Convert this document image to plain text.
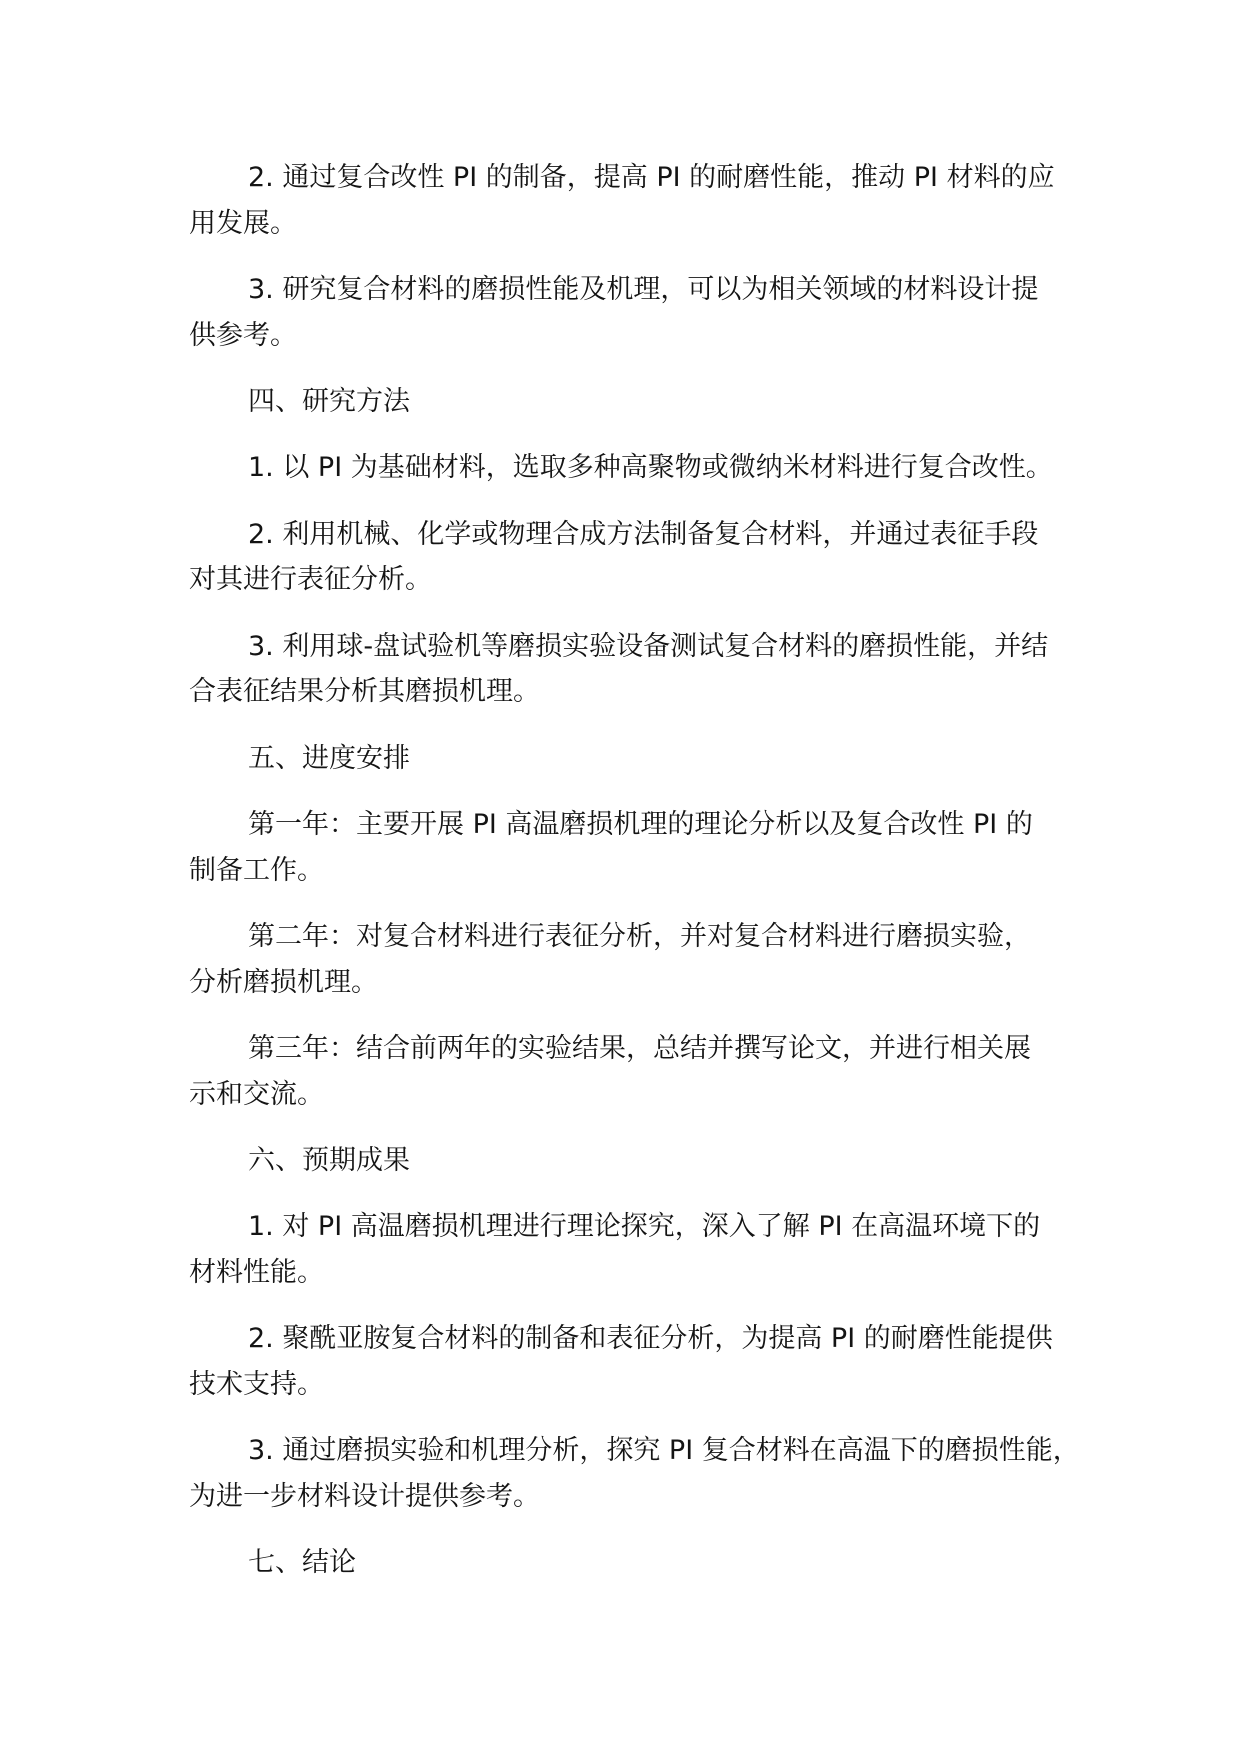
2. 通过复合改性 PI 的制备，提高 PI 的耐磨性能，推动 PI 材料的应
用发展。
3. 研究复合材料的磨损性能及机理，可以为相关领域的材料设计提
供参考。
四、研究方法
1. 以 PI 为基础材料，选取多种高聚物或微纳米材料进行复合改性。
2. 利用机械、化学或物理合成方法制备复合材料，并通过表征手段
对其进行表征分析。
3. 利用球-盘试验机等磨损实验设备测试复合材料的磨损性能，并结
合表征结果分析其磨损机理。
五、进度安排
第一年：主要开展 PI 高温磨损机理的理论分析以及复合改性 PI 的
制备工作。
第二年：对复合材料进行表征分析，并对复合材料进行磨损实验，
分析磨损机理。
第三年：结合前两年的实验结果，总结并撰写论文，并进行相关展
示和交流。
六、预期成果
1. 对 PI 高温磨损机理进行理论探究，深入了解 PI 在高温环境下的
材料性能。
2. 聚酰亚胺复合材料的制备和表征分析，为提高 PI 的耐磨性能提供
技术支持。
3. 通过磨损实验和机理分析，探究 PI 复合材料在高温下的磨损性能，
为进一步材料设计提供参考。
七、结论
